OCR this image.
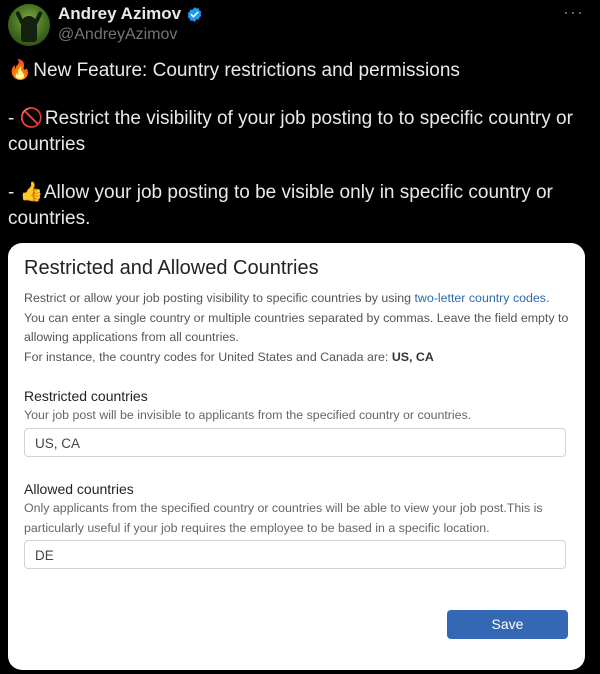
Andrey Azimov
@AndreyAzimov
···

🔥 New Feature: Country restrictions and permissions

- 🚫 Restrict the visibility of your job posting to to specific country or countries

- 👍 Allow your job posting to be visible only in specific country or countries.

Restricted and Allowed Countries
Restrict or allow your job posting visibility to specific countries by using two-letter country codes. You can enter a single country or multiple countries separated by commas. Leave the field empty to allowing applications from all countries.
For instance, the country codes for United States and Canada are: US, CA
Restricted countries
Your job post will be invisible to applicants from the specified country or countries.
US, CA
Allowed countries
Only applicants from the specified country or countries will be able to view your job post.This is particularly useful if your job requires the employee to be based in a specific location.
DE
Save
